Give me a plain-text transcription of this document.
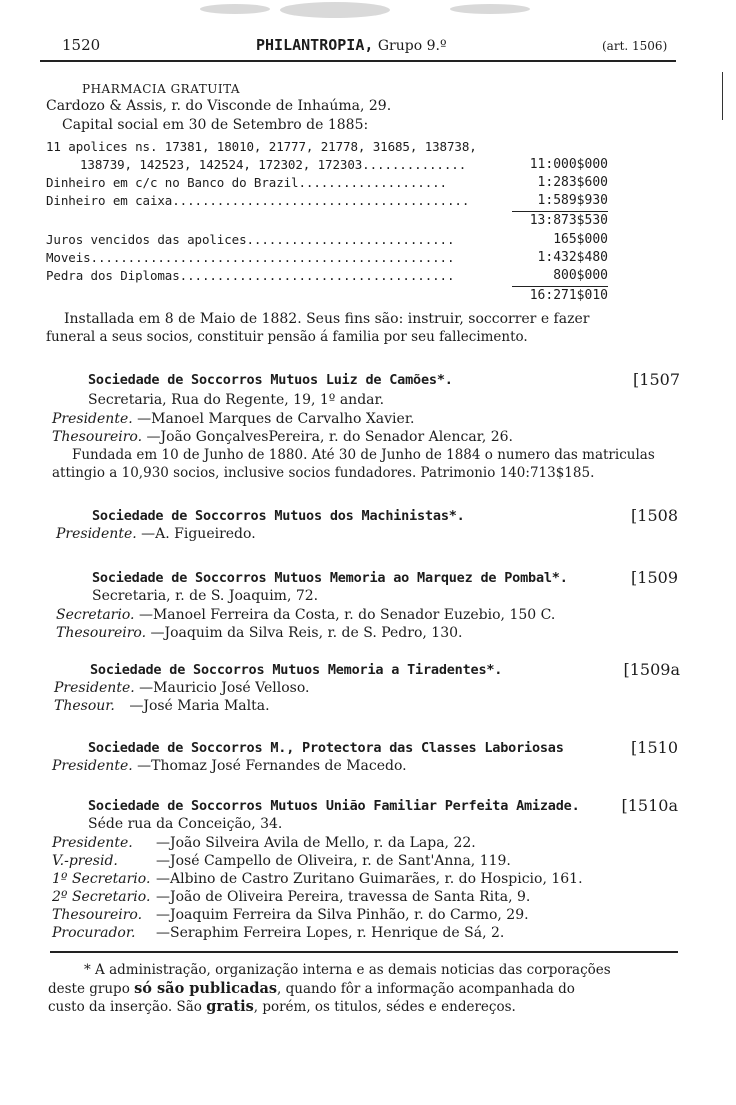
1520	PHILANTROPIA, Grupo 9.º	(art. 1506)
PHARMACIA GRATUITA
Cardozo & Assis, r. do Visconde de Inhaúma, 29.
Capital social em 30 de Setembro de 1885:
11 apolices ns. 17381, 18010, 21777, 21778, 31685, 138738,
138739, 142523, 142524, 172302, 172303..............	11:000$000
Dinheiro em c/c no Banco do Brazil....................	1:283$600
Dinheiro em caixa........................................	1:589$930
13:873$530
Juros vencidos das apolices............................	165$000
Moveis.................................................	1:432$480
Pedra dos Diplomas.....................................	800$000
16:271$010
Installada em 8 de Maio de 1882. Seus fins são: instruir, soccorrer e fazer
funeral a seus socios, constituir pensão á familia por seu fallecimento.
Sociedade de Soccorros Mutuos Luiz de Camões*.	[1507
Secretaria, Rua do Regente, 19, 1º andar.
Presidente. —Manoel Marques de Carvalho Xavier.
Thesoureiro. —João GonçalvesPereira, r. do Senador Alencar, 26.
Fundada em 10 de Junho de 1880. Até 30 de Junho de 1884 o numero das matriculas
attingio a 10,930 socios, inclusive socios fundadores. Patrimonio 140:713$185.
Sociedade de Soccorros Mutuos dos Machinistas*.	[1508
Presidente. —A. Figueiredo.
Sociedade de Soccorros Mutuos Memoria ao Marquez de Pombal*.	[1509
Secretaria, r. de S. Joaquim, 72.
Secretario. —Manoel Ferreira da Costa, r. do Senador Euzebio, 150 C.
Thesoureiro. —Joaquim da Silva Reis, r. de S. Pedro, 130.
Sociedade de Soccorros Mutuos Memoria a Tiradentes*.	[1509a
Presidente. —Mauricio José Velloso.
Thesour. —José Maria Malta.
Sociedade de Soccorros M., Protectora das Classes Laboriosas	[1510
Presidente. —Thomaz José Fernandes de Macedo.
Sociedade de Soccorros Mutuos União Familiar Perfeita Amizade.	[1510a
Séde rua da Conceição, 34.
Presidente. —João Silveira Avila de Mello, r. da Lapa, 22.
V.-presid.	—José Campello de Oliveira, r. de Sant'Anna, 119.
1º Secretario. —Albino de Castro Zuritano Guimarães, r. do Hospicio, 161.
2º Secretario. —João de Oliveira Pereira, travessa de Santa Rita, 9.
Thesoureiro. —Joaquim Ferreira da Silva Pinhão, r. do Carmo, 29.
Procurador. —Seraphim Ferreira Lopes, r. Henrique de Sá, 2.
* A administração, organização interna e as demais noticias das corporações
deste grupo só são publicadas, quando fôr a informação acompanhada do
custo da inserção. São gratis, porém, os titulos, sédes e endereços.
